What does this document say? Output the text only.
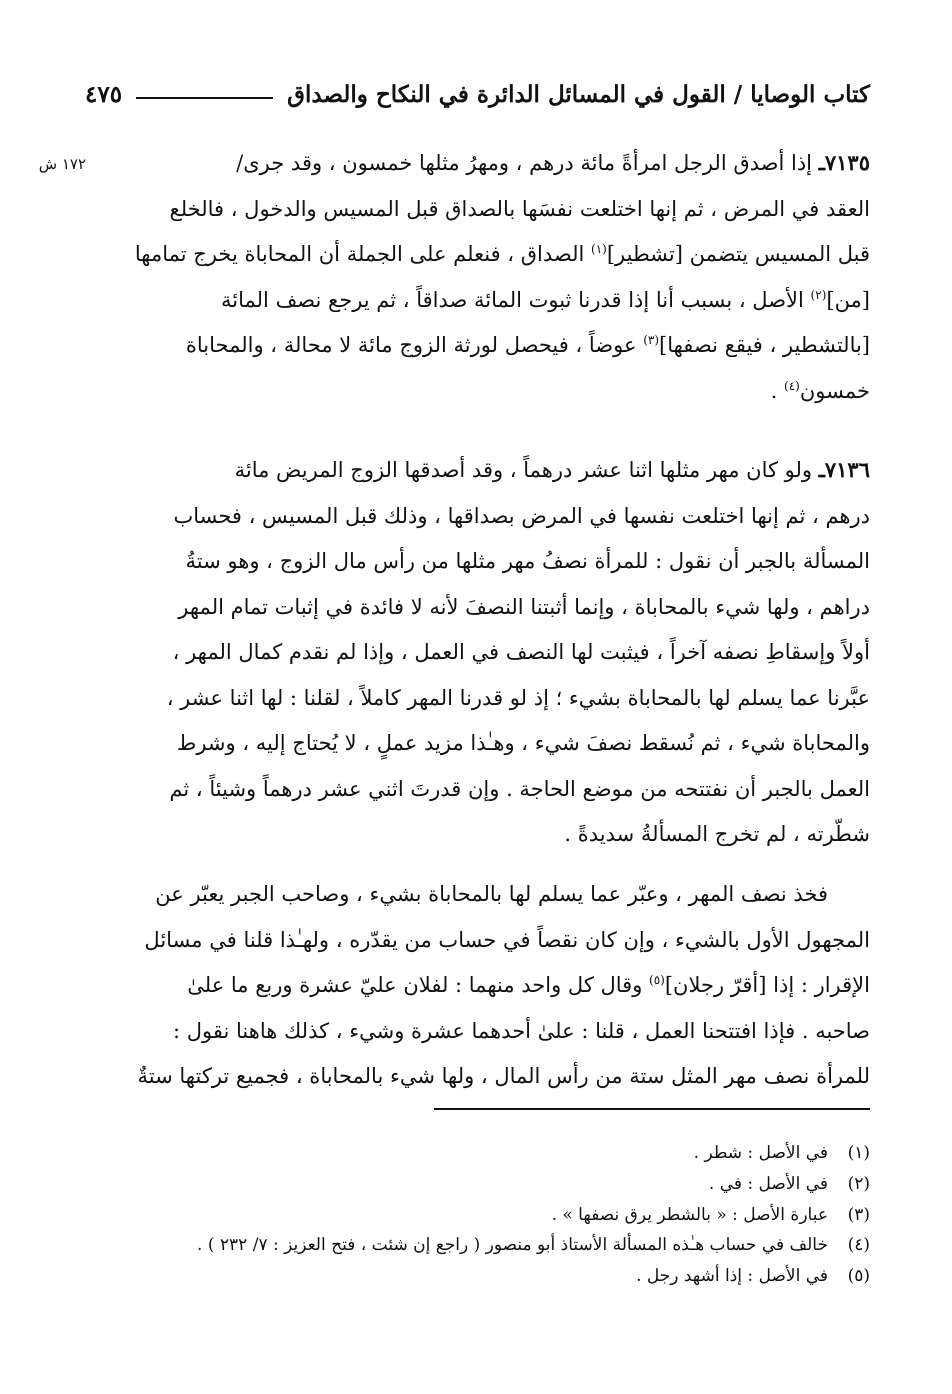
كتاب الوصايا / القول في المسائل الدائرة في النكاح والصداق
٤٧٥
١٧٢ ش	٧١٣٥ـ إذا أصدق الرجل امرأةً مائة درهم ، ومهرُ مثلها خمسون ، وقد جرى/
العقد في المرض ، ثم إنها اختلعت نفسَها بالصداق قبل المسيس والدخول ، فالخلع
قبل المسيس يتضمن [تشطير]$^{(١)}$ الصداق ، فنعلم على الجملة أن المحاباة يخرج تمامها
[من]$^{(٢)}$ الأصل ، بسبب أنا إذا قدرنا ثبوت المائة صداقاً ، ثم يرجع نصف المائة
[بالتشطير ، فيقع نصفها]$^{(٣)}$ عوضاً ، فيحصل لورثة الزوج مائة لا محالة ، والمحاباة
خمسون$^{(٤)}$ .
٧١٣٦ـ ولو كان مهر مثلها اثنا عشر درهماً ، وقد أصدقها الزوج المريض مائة
درهم ، ثم إنها اختلعت نفسها في المرض بصداقها ، وذلك قبل المسيس ، فحساب
المسألة بالجبر أن نقول : للمرأة نصفُ مهر مثلها من رأس مال الزوج ، وهو ستةُ
دراهم ، ولها شيء بالمحاباة ، وإنما أثبتنا النصفَ لأنه لا فائدة في إثبات تمام المهر
أولاً وإسقاطِ نصفه آخراً ، فيثبت لها النصف في العمل ، وإذا لم نقدم كمال المهر ،
عبَّرنا عما يسلم لها بالمحاباة بشيء ؛ إذ لو قدرنا المهر كاملاً ، لقلنا : لها اثنا عشر ،
والمحاباة شيء ، ثم نُسقط نصفَ شيء ، وهـٰذا مزيد عملٍ ، لا يُحتاج إليه ، وشرط
العمل بالجبر أن نفتتحه من موضع الحاجة . وإن قدرتَ اثني عشر درهماً وشيئاً ، ثم
شطّرته ، لم تخرج المسألةُ سديدةً .
  فخذ نصف المهر ، وعبّر عما يسلم لها بالمحاباة بشيء ، وصاحب الجبر يعبّر عن
المجهول الأول بالشيء ، وإن كان نقصاً في حساب من يقدّره ، ولهـٰذا قلنا في مسائل
الإقرار : إذا [أقرّ رجلان]$^{(٥)}$ وقال كل واحد منهما : لفلان عليّ عشرة وربع ما علىٰ
صاحبه . فإذا افتتحنا العمل ، قلنا : علىٰ أحدهما عشرة وشيء ، كذلك هاهنا نقول :
للمرأة نصف مهر المثل ستة من رأس المال ، ولها شيء بالمحاباة ، فجميع تركتها ستةٌ
(١)
في الأصل : شطر .
(٢)
في الأصل : في .
(٣)
عبارة الأصل : « بالشطر يرق نصفها » .
(٤)
خالف في حساب هـٰذه المسألة الأستاذ أبو منصور ( راجع إن شئت ، فتح العزيز : ٧/ ٢٣٢ ) .
(٥)
في الأصل : إذا أشهد رجل .
